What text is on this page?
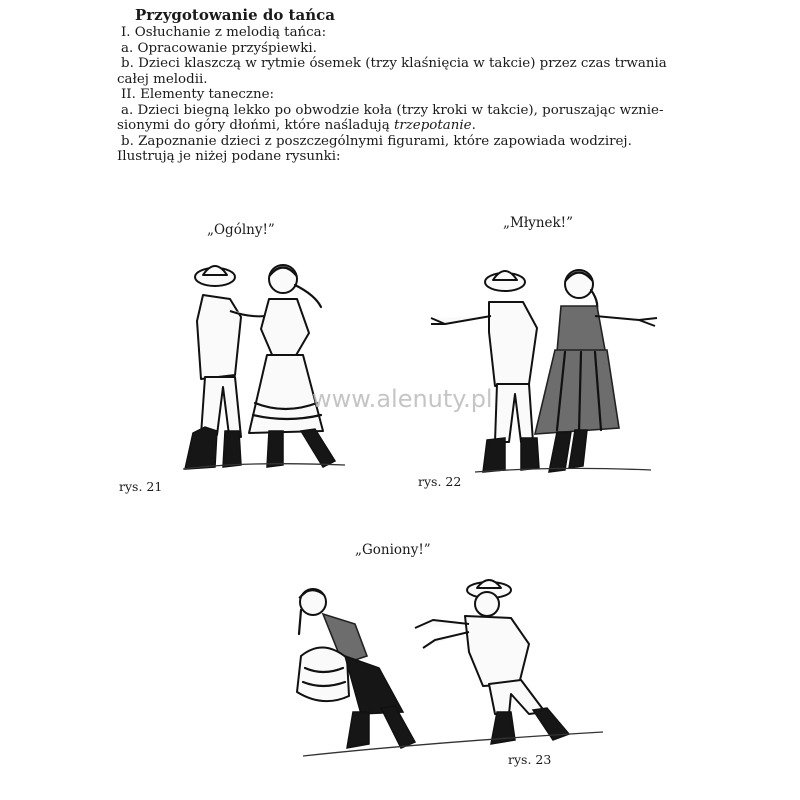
Przygotowanie do tańca

I. Osłuchanie z melodią tańca:

a. Opracowanie przyśpiewki.

b. Dzieci klaszczą w rytmie ósemek (trzy klaśnięcia w takcie) przez czas trwania

całej melodii.

II. Elementy taneczne:

a. Dzieci biegną lekko po obwodzie koła (trzy kroki w takcie), poruszając wznie-

sionymi do góry dłońmi, które naśladują trzepotanie.

b. Zapoznanie dzieci z poszczególnymi figurami, które zapowiada wodzirej.

Ilustrują je niżej podane rysunki:

„Ogólny!”
rys. 21
„Młynek!”
rys. 22
„Goniony!”
rys. 23
www.alenuty.pl
